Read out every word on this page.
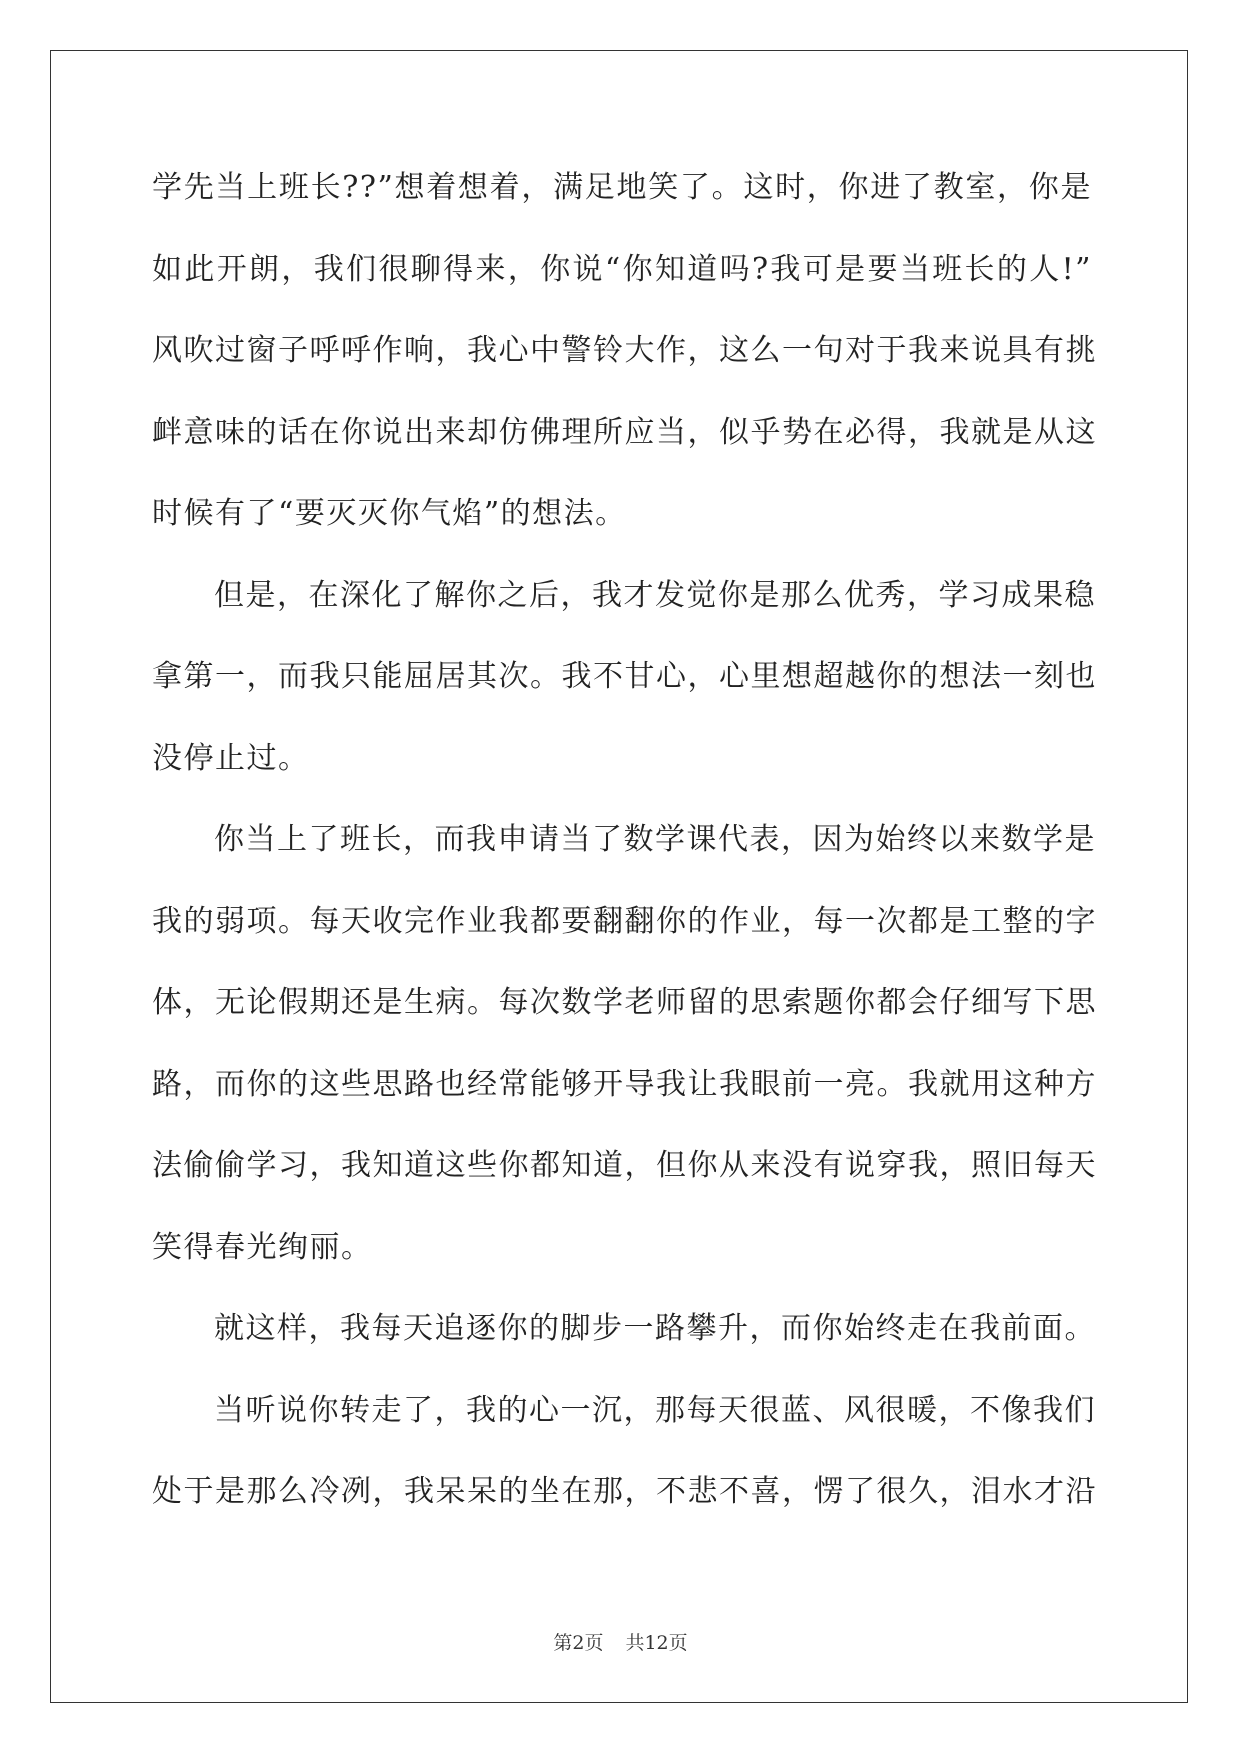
学先当上班长??”想着想着，满足地笑了。这时，你进了教室，你是
如此开朗，我们很聊得来，你说“你知道吗?我可是要当班长的人!”
风吹过窗子呼呼作响，我心中警铃大作，这么一句对于我来说具有挑
衅意味的话在你说出来却仿佛理所应当，似乎势在必得，我就是从这
时候有了“要灭灭你气焰”的想法。
但是，在深化了解你之后，我才发觉你是那么优秀，学习成果稳
拿第一，而我只能屈居其次。我不甘心，心里想超越你的想法一刻也
没停止过。
你当上了班长，而我申请当了数学课代表，因为始终以来数学是
我的弱项。每天收完作业我都要翻翻你的作业，每一次都是工整的字
体，无论假期还是生病。每次数学老师留的思索题你都会仔细写下思
路，而你的这些思路也经常能够开导我让我眼前一亮。我就用这种方
法偷偷学习，我知道这些你都知道，但你从来没有说穿我，照旧每天
笑得春光绚丽。
就这样，我每天追逐你的脚步一路攀升，而你始终走在我前面。
当听说你转走了，我的心一沉，那每天很蓝、风很暖，不像我们
处于是那么冷冽，我呆呆的坐在那，不悲不喜，愣了很久，泪水才沿
第2页 共12页
